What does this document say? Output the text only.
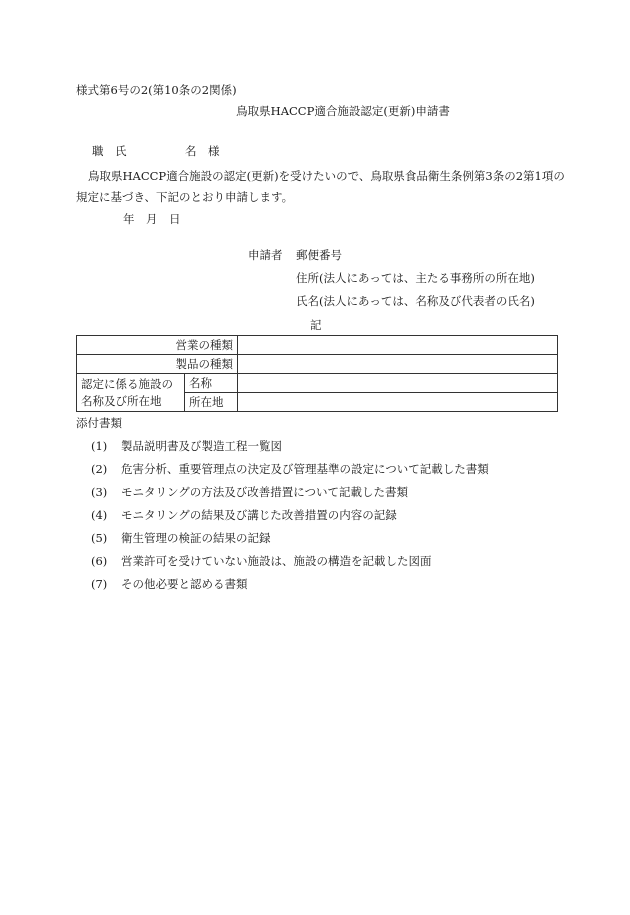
様式第6号の2(第10条の2関係)
鳥取県HACCP適合施設認定(更新)申請書
職　氏	名　様
鳥取県HACCP適合施設の認定(更新)を受けたいので、鳥取県食品衛生条例第3条の2第1項の規定に基づき、下記のとおり申請します。
年　月　日
申請者 郵便番号
住所(法人にあっては、主たる事務所の所在地)
氏名(法人にあっては、名称及び代表者の氏名)
記
営業の種類		
製品の種類		
認定に係る施設の名称及び所在地	名称	
	所在地	
添付書類
(1) 製品説明書及び製造工程一覧図
(2) 危害分析、重要管理点の決定及び管理基準の設定について記載した書類
(3) モニタリングの方法及び改善措置について記載した書類
(4) モニタリングの結果及び講じた改善措置の内容の記録
(5) 衛生管理の検証の結果の記録
(6) 営業許可を受けていない施設は、施設の構造を記載した図面
(7) その他必要と認める書類
